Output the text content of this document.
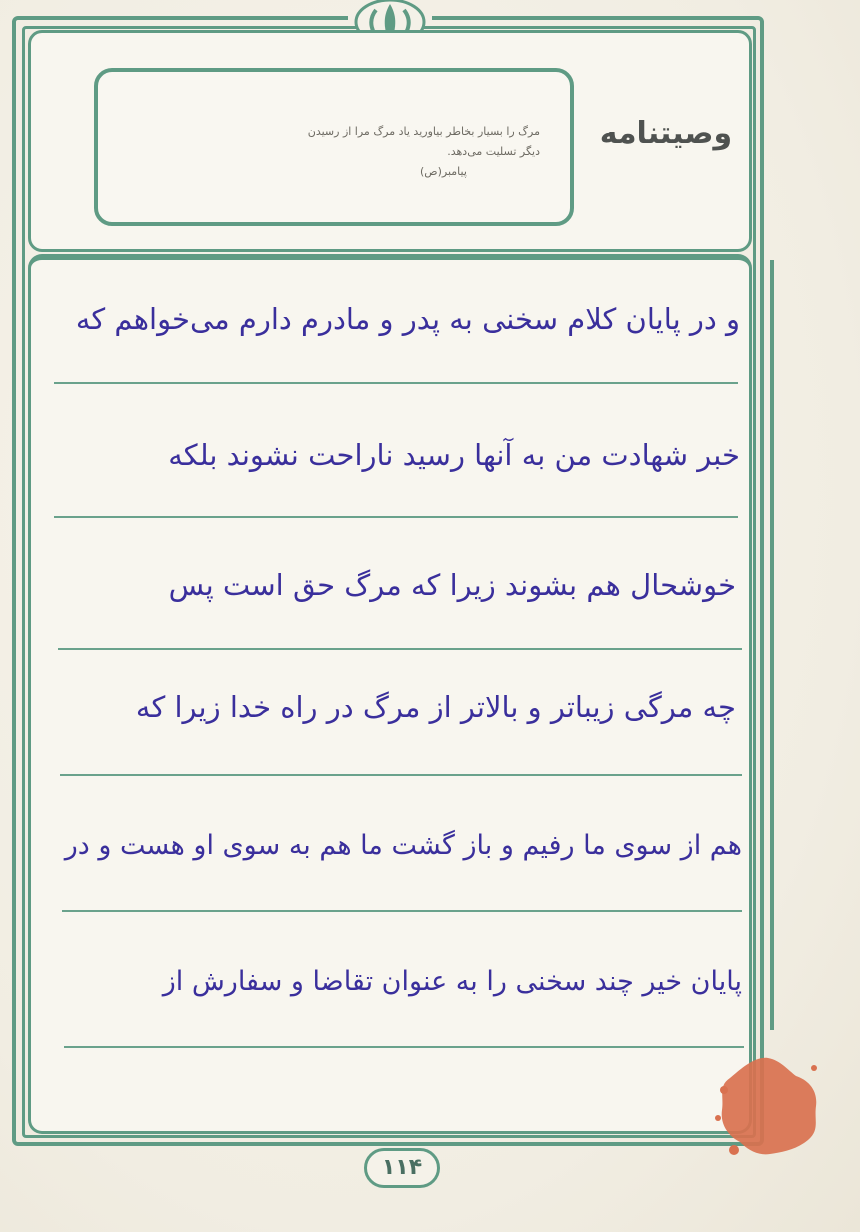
مرگ را بسیار بخاطر بیاورید یاد مرگ مرا از رسیدن
دیگر تسلیت می‌دهد.
پیامبر(ص)
وصیتنامه
و در پایان کلام سخنی به پدر و مادرم دارم می‌خواهم که
خبر شهادت من به آنها رسید ناراحت نشوند بلکه
خوشحال هم بشوند زیرا که مرگ حق است پس
چه مرگی زیباتر و بالاتر از مرگ در راه خدا زیرا که
هم از سوی ما رفیم و باز گشت ما هم به سوی او هست و در
پایان خیر چند سخنی را به عنوان تقاضا و سفارش از
۱۱۴
